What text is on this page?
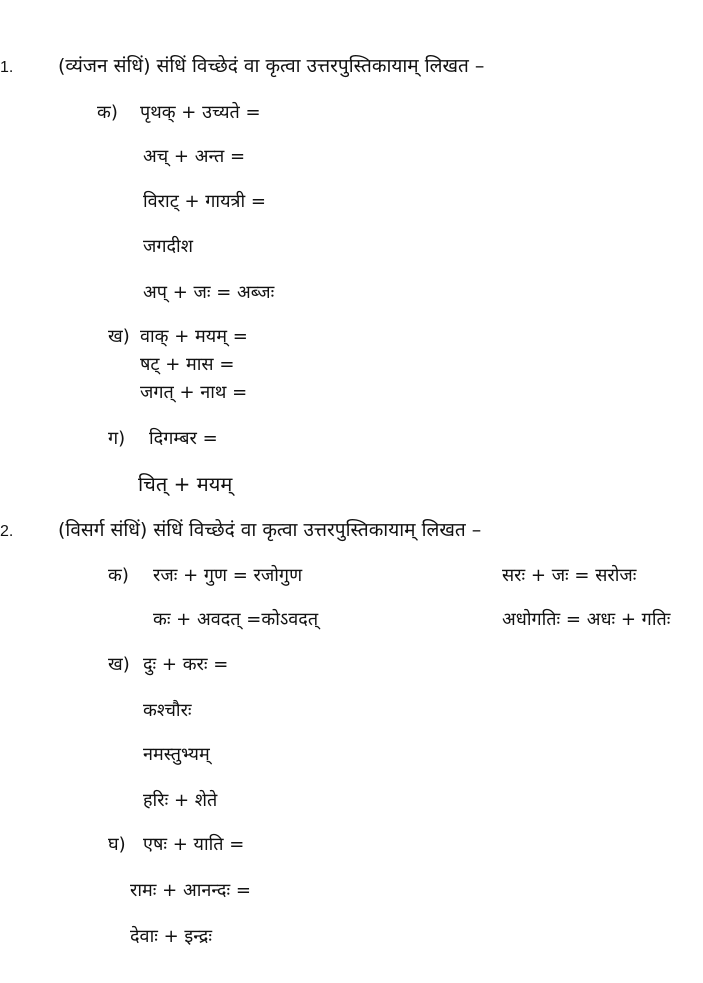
1. (व्यंजन संधिं) संधिं विच्छेदं वा कृत्वा उत्तरपुस्तिकायाम् लिखत –
क) पृथक् + उच्यते =
अच् + अन्त =
विराट् + गायत्री =
जगदीश
अप् + जः = अब्जः
ख) वाक् + मयम् =
षट् + मास =
जगत् + नाथ =
ग) दिगम्बर =
चित् + मयम्
2. (विसर्ग संधिं) संधिं विच्छेदं वा कृत्वा उत्तरपुस्तिकायाम् लिखत –
क) रजः + गुण = रजोगुण
कः + अवदत् =कोऽवदत्
सरः + जः = सरोजः
अधोगतिः = अधः + गतिः
ख) दुः + करः =
कश्चौरः
नमस्तुभ्यम्
हरिः + शेते
घ) एषः + याति =
रामः + आनन्दः =
देवाः + इन्द्रः
